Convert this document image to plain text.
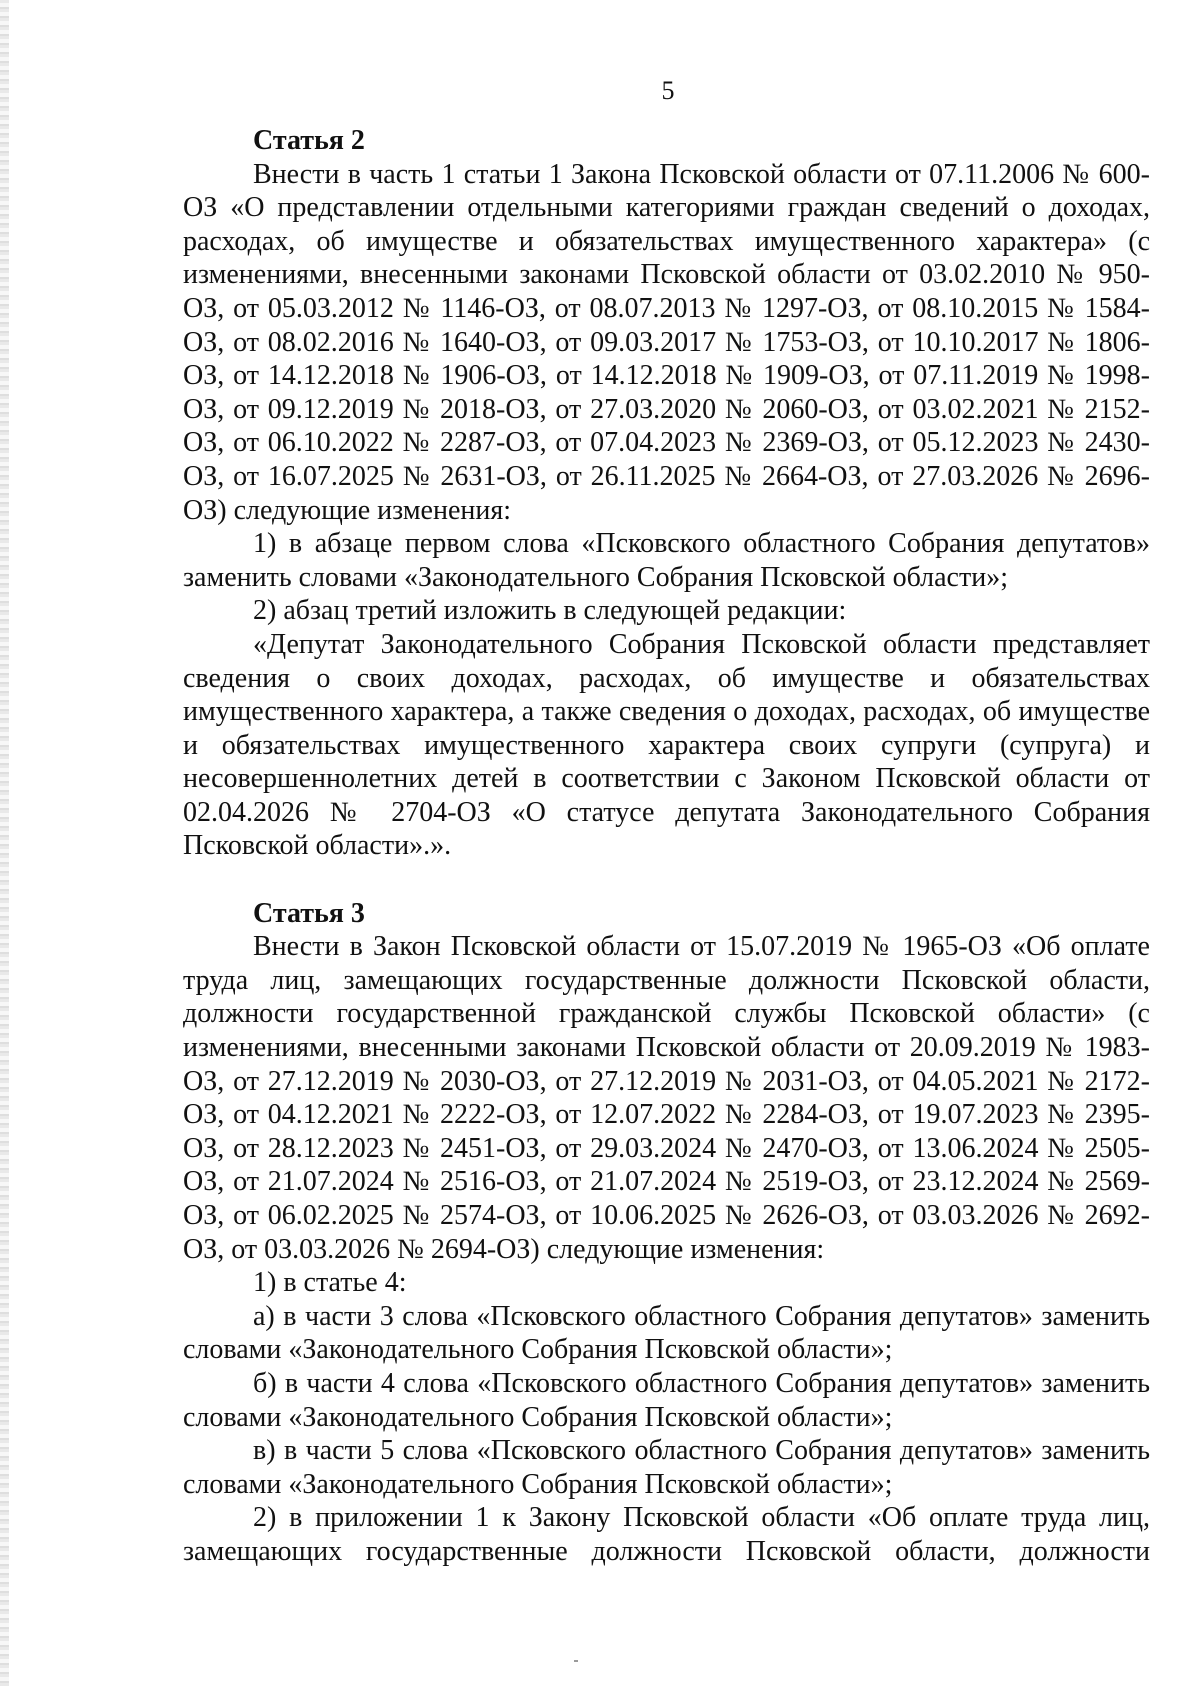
5

Статья 2

Внести в часть 1 статьи 1 Закона Псковской области от 07.11.2006 № 600-ОЗ «О представлении отдельными категориями граждан сведений о доходах, расходах, об имуществе и обязательствах имущественного характера» (с изменениями, внесенными законами Псковской области от 03.02.2010 № 950-ОЗ, от 05.03.2012 № 1146-ОЗ, от 08.07.2013 № 1297-ОЗ, от 08.10.2015 № 1584-ОЗ, от 08.02.2016 № 1640-ОЗ, от 09.03.2017 № 1753-ОЗ, от 10.10.2017 № 1806-ОЗ, от 14.12.2018 № 1906-ОЗ, от 14.12.2018 № 1909-ОЗ, от 07.11.2019 № 1998-ОЗ, от 09.12.2019 № 2018-ОЗ, от 27.03.2020 № 2060-ОЗ, от 03.02.2021 № 2152-ОЗ, от 06.10.2022 № 2287-ОЗ, от 07.04.2023 № 2369-ОЗ, от 05.12.2023 № 2430-ОЗ, от 16.07.2025 № 2631-ОЗ, от 26.11.2025 № 2664-ОЗ, от 27.03.2026 № 2696-ОЗ) следующие изменения:

1) в абзаце первом слова «Псковского областного Собрания депутатов» заменить словами «Законодательного Собрания Псковской области»;

2) абзац третий изложить в следующей редакции:

«Депутат Законодательного Собрания Псковской области представляет сведения о своих доходах, расходах, об имуществе и обязательствах имущественного характера, а также сведения о доходах, расходах, об имуществе и обязательствах имущественного характера своих супруги (супруга) и несовершеннолетних детей в соответствии с Законом Псковской области от 02.04.2026 № 2704-ОЗ «О статусе депутата Законодательного Собрания Псковской области».».

Статья 3

Внести в Закон Псковской области от 15.07.2019 № 1965-ОЗ «Об оплате труда лиц, замещающих государственные должности Псковской области, должности государственной гражданской службы Псковской области» (с изменениями, внесенными законами Псковской области от 20.09.2019 № 1983-ОЗ, от 27.12.2019 № 2030-ОЗ, от 27.12.2019 № 2031-ОЗ, от 04.05.2021 № 2172-ОЗ, от 04.12.2021 № 2222-ОЗ, от 12.07.2022 № 2284-ОЗ, от 19.07.2023 № 2395-ОЗ, от 28.12.2023 № 2451-ОЗ, от 29.03.2024 № 2470-ОЗ, от 13.06.2024 № 2505-ОЗ, от 21.07.2024 № 2516-ОЗ, от 21.07.2024 № 2519-ОЗ, от 23.12.2024 № 2569-ОЗ, от 06.02.2025 № 2574-ОЗ, от 10.06.2025 № 2626-ОЗ, от 03.03.2026 № 2692-ОЗ, от 03.03.2026 № 2694-ОЗ) следующие изменения:

1) в статье 4:

а) в части 3 слова «Псковского областного Собрания депутатов» заменить словами «Законодательного Собрания Псковской области»;

б) в части 4 слова «Псковского областного Собрания депутатов» заменить словами «Законодательного Собрания Псковской области»;

в) в части 5 слова «Псковского областного Собрания депутатов» заменить словами «Законодательного Собрания Псковской области»;

2) в приложении 1 к Закону Псковской области «Об оплате труда лиц, замещающих государственные должности Псковской области, должности
